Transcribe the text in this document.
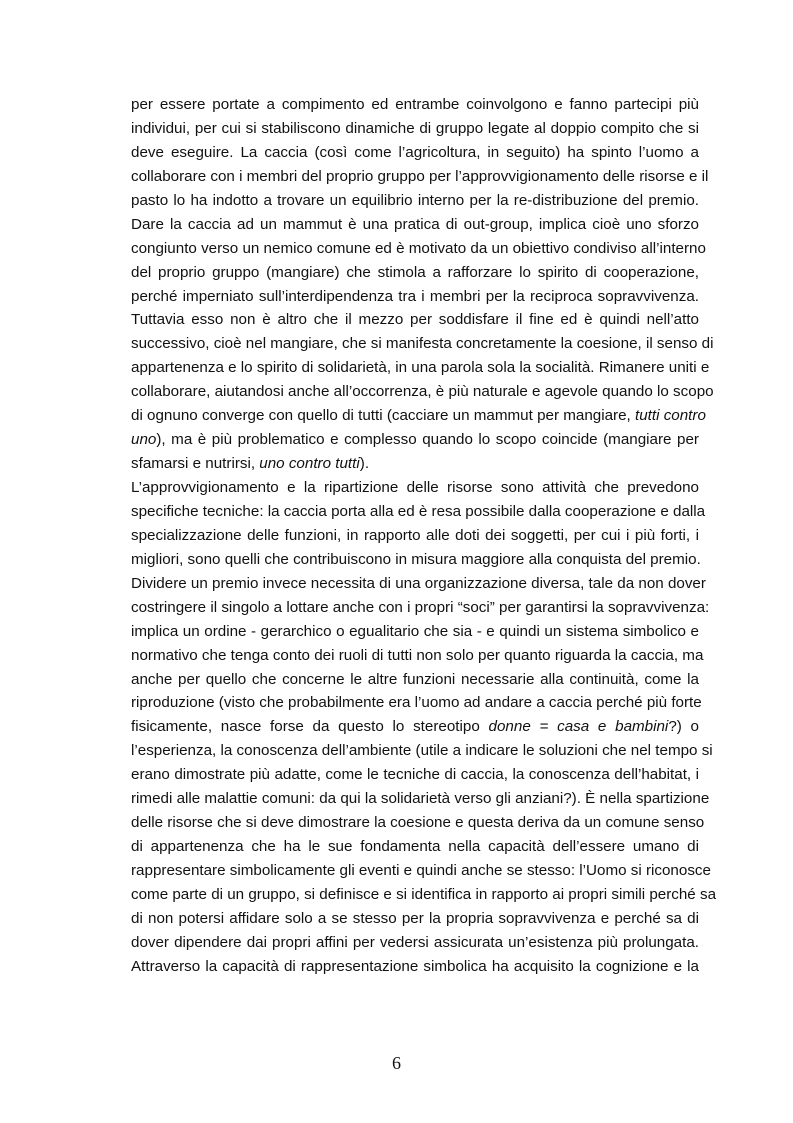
per essere portate a compimento ed entrambe coinvolgono e fanno partecipi più
individui, per cui si stabiliscono dinamiche di gruppo legate al doppio compito che si
deve eseguire. La caccia (così come l’agricoltura, in seguito) ha spinto l’uomo a
collaborare con i membri del proprio gruppo per l’approvvigionamento delle risorse e il
pasto lo ha indotto a trovare un equilibrio interno per la re-distribuzione del premio.
Dare la caccia ad un mammut è una pratica di out-group, implica cioè uno sforzo
congiunto verso un nemico comune ed è motivato da un obiettivo condiviso all’interno
del proprio gruppo (mangiare) che stimola a rafforzare lo spirito di cooperazione,
perché imperniato sull’interdipendenza tra i membri per la reciproca sopravvivenza.
Tuttavia esso non è altro che il mezzo per soddisfare il fine ed è quindi nell’atto
successivo, cioè nel mangiare, che si manifesta concretamente la coesione, il senso di
appartenenza e lo spirito di solidarietà, in una parola sola la socialità. Rimanere uniti e
collaborare, aiutandosi anche all’occorrenza, è più naturale e agevole quando lo scopo
di ognuno converge con quello di tutti (cacciare un mammut per mangiare, tutti contro
uno), ma è più problematico e complesso quando lo scopo coincide (mangiare per
sfamarsi e nutrirsi, uno contro tutti).
L’approvvigionamento e la ripartizione delle risorse sono attività che prevedono
specifiche tecniche: la caccia porta alla ed è resa possibile dalla cooperazione e dalla
specializzazione delle funzioni, in rapporto alle doti dei soggetti, per cui i più forti, i
migliori, sono quelli che contribuiscono in misura maggiore alla conquista del premio.
Dividere un premio invece necessita di una organizzazione diversa, tale da non dover
costringere il singolo a lottare anche con i propri “soci” per garantirsi la sopravvivenza:
implica un ordine - gerarchico o egualitario che sia - e quindi un sistema simbolico e
normativo che tenga conto dei ruoli di tutti non solo per quanto riguarda la caccia, ma
anche per quello che concerne le altre funzioni necessarie alla continuità, come la
riproduzione (visto che probabilmente era l’uomo ad andare a caccia perché più forte
fisicamente, nasce forse da questo lo stereotipo donne = casa e bambini?) o
l’esperienza, la conoscenza dell’ambiente (utile a indicare le soluzioni che nel tempo si
erano dimostrate più adatte, come le tecniche di caccia, la conoscenza dell’habitat, i
rimedi alle malattie comuni: da qui la solidarietà verso gli anziani?). È nella spartizione
delle risorse che si deve dimostrare la coesione e questa deriva da un comune senso
di appartenenza che ha le sue fondamenta nella capacità dell’essere umano di
rappresentare simbolicamente gli eventi e quindi anche se stesso: l’Uomo si riconosce
come parte di un gruppo, si definisce e si identifica in rapporto ai propri simili perché sa
di non potersi affidare solo a se stesso per la propria sopravvivenza e perché sa di
dover dipendere dai propri affini per vedersi assicurata un’esistenza più prolungata.
Attraverso la capacità di rappresentazione simbolica ha acquisito la cognizione e la
6
